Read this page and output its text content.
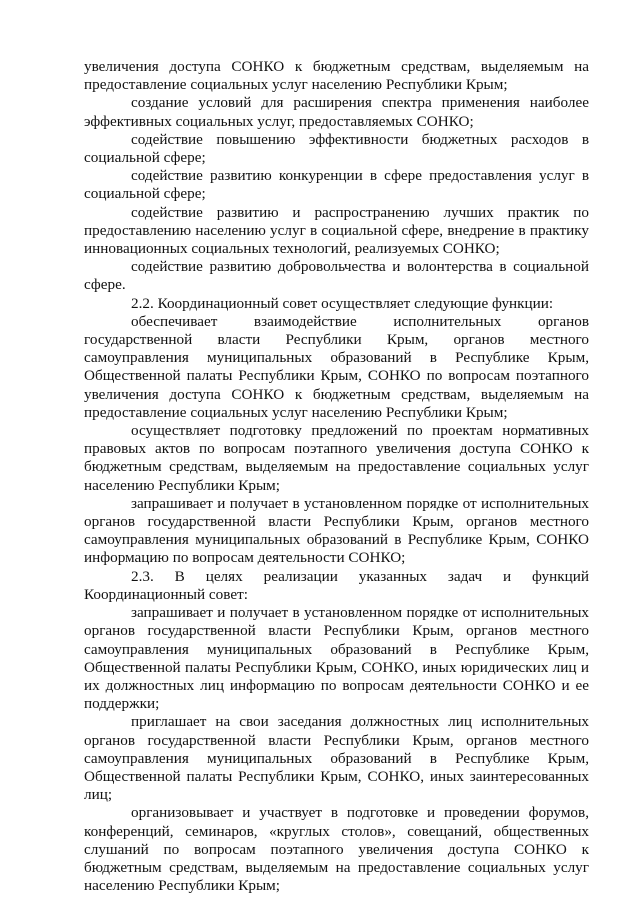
увеличения доступа СОНКО к бюджетным средствам, выделяемым на предоставление социальных услуг населению Республики Крым;

создание условий для расширения спектра применения наиболее эффективных социальных услуг, предоставляемых СОНКО;

содействие повышению эффективности бюджетных расходов в социальной сфере;

содействие развитию конкуренции в сфере предоставления услуг в социальной сфере;

содействие развитию и распространению лучших практик по предоставлению населению услуг в социальной сфере, внедрение в практику инновационных социальных технологий, реализуемых СОНКО;

содействие развитию добровольчества и волонтерства в социальной сфере.

2.2. Координационный совет осуществляет следующие функции:

обеспечивает взаимодействие исполнительных органов государственной власти Республики Крым, органов местного самоуправления муниципальных образований в Республике Крым, Общественной палаты Республики Крым, СОНКО по вопросам поэтапного увеличения доступа СОНКО к бюджетным средствам, выделяемым на предоставление социальных услуг населению Республики Крым;

осуществляет подготовку предложений по проектам нормативных правовых актов по вопросам поэтапного увеличения доступа СОНКО к бюджетным средствам, выделяемым на предоставление социальных услуг населению Республики Крым;

запрашивает и получает в установленном порядке от исполнительных органов государственной власти Республики Крым, органов местного самоуправления муниципальных образований в Республике Крым, СОНКО информацию по вопросам деятельности СОНКО;

2.3. В целях реализации указанных задач и функций Координационный совет:

запрашивает и получает в установленном порядке от исполнительных органов государственной власти Республики Крым, органов местного самоуправления муниципальных образований в Республике Крым, Общественной палаты Республики Крым, СОНКО, иных юридических лиц и их должностных лиц информацию по вопросам деятельности СОНКО и ее поддержки;

приглашает на свои заседания должностных лиц исполнительных органов государственной власти Республики Крым, органов местного самоуправления муниципальных образований в Республике Крым, Общественной палаты Республики Крым, СОНКО, иных заинтересованных лиц;

организовывает и участвует в подготовке и проведении форумов, конференций, семинаров, «круглых столов», совещаний, общественных слушаний по вопросам поэтапного увеличения доступа СОНКО к бюджетным средствам, выделяемым на предоставление социальных услуг населению Республики Крым;
